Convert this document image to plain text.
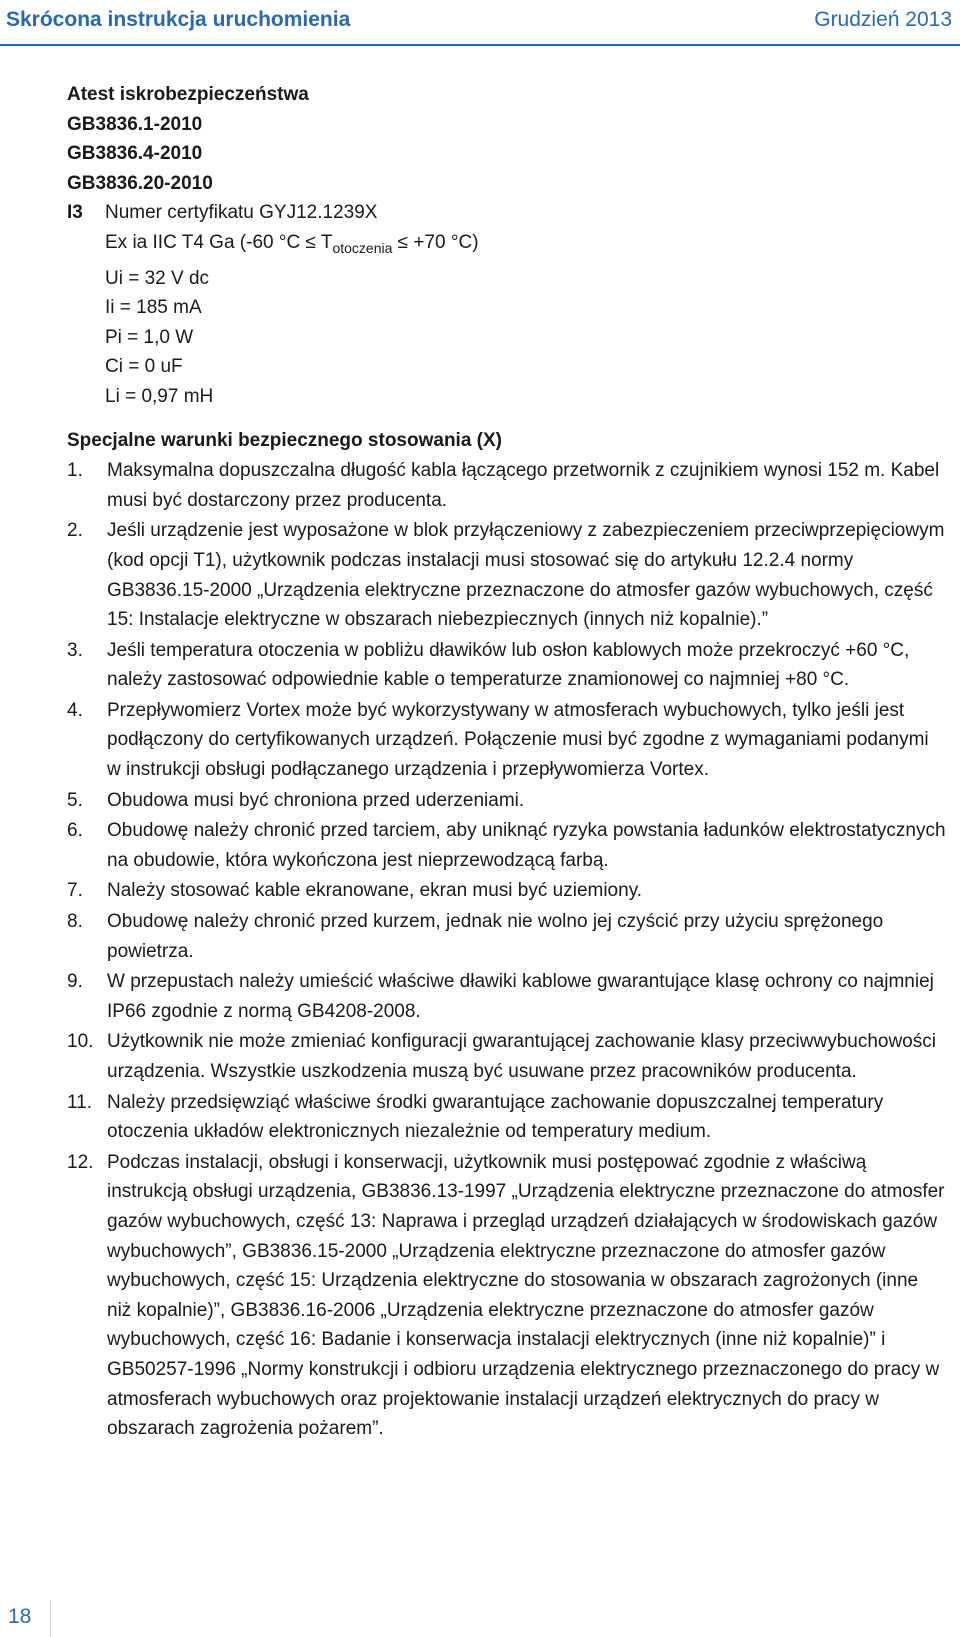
Skrócona instrukcja uruchomienia	Grudzień 2013
Atest iskrobezpieczeństwa
GB3836.1-2010
GB3836.4-2010
GB3836.20-2010
I3	Numer certyfikatu GYJ12.1239X
Ex ia IIC T4 Ga (-60 $^\circ C \le T_{otoczenia} \le +70$ °C)
Ui = 32 V dc
Ii = 185 mA
Pi = 1,0 W
Ci = 0 uF
Li = 0,97 mH
Specjalne warunki bezpiecznego stosowania (X)
1.	Maksymalna dopuszczalna długość kabla łączącego przetwornik z czujnikiem wynosi 152 m. Kabel musi być dostarczony przez producenta.
2.	Jeśli urządzenie jest wyposażone w blok przyłączeniowy z zabezpieczeniem przeciwprzepięciowym (kod opcji T1), użytkownik podczas instalacji musi stosować się do artykułu 12.2.4 normy GB3836.15-2000 „Urządzenia elektryczne przeznaczone do atmosfer gazów wybuchowych, część 15: Instalacje elektryczne w obszarach niebezpiecznych (innych niż kopalnie).”
3.	Jeśli temperatura otoczenia w pobliżu dławików lub osłon kablowych może przekroczyć +60 °C, należy zastosować odpowiednie kable o temperaturze znamionowej co najmniej +80 °C.
4.	Przepływomierz Vortex może być wykorzystywany w atmosferach wybuchowych, tylko jeśli jest podłączony do certyfikowanych urządzeń. Połączenie musi być zgodne z wymaganiami podanymi w instrukcji obsługi podłączanego urządzenia i przepływomierza Vortex.
5.	Obudowa musi być chroniona przed uderzeniami.
6.	Obudowę należy chronić przed tarciem, aby uniknąć ryzyka powstania ładunków elektrostatycznych na obudowie, która wykończona jest nieprzewodzącą farbą.
7.	Należy stosować kable ekranowane, ekran musi być uziemiony.
8.	Obudowę należy chronić przed kurzem, jednak nie wolno jej czyścić przy użyciu sprężonego powietrza.
9.	W przepustach należy umieścić właściwe dławiki kablowe gwarantujące klasę ochrony co najmniej IP66 zgodnie z normą GB4208-2008.
10. Użytkownik nie może zmieniać konfiguracji gwarantującej zachowanie klasy przeciwwybuchowości urządzenia. Wszystkie uszkodzenia muszą być usuwane przez pracowników producenta.
11. Należy przedsięwziąć właściwe środki gwarantujące zachowanie dopuszczalnej temperatury otoczenia układów elektronicznych niezależnie od temperatury medium.
12. Podczas instalacji, obsługi i konserwacji, użytkownik musi postępować zgodnie z właściwą instrukcją obsługi urządzenia, GB3836.13-1997 „Urządzenia elektryczne przeznaczone do atmosfer gazów wybuchowych, część 13: Naprawa i przegląd urządzeń działających w środowiskach gazów wybuchowych”, GB3836.15-2000 „Urządzenia elektryczne przeznaczone do atmosfer gazów wybuchowych, część 15: Urządzenia elektryczne do stosowania w obszarach zagrożonych (inne niż kopalnie)”, GB3836.16-2006 „Urządzenia elektryczne przeznaczone do atmosfer gazów wybuchowych, część 16: Badanie i konserwacja instalacji elektrycznych (inne niż kopalnie)” i GB50257-1996 „Normy konstrukcji i odbioru urządzenia elektrycznego przeznaczonego do pracy w atmosferach wybuchowych oraz projektowanie instalacji urządzeń elektrycznych do pracy w obszarach zagrożenia pożarem”.
18
